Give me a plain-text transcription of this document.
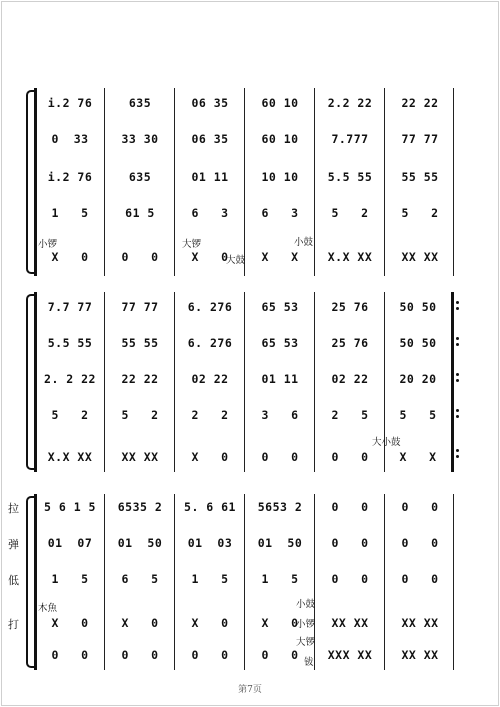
i.2 76	635	06 35	60 10	2.2 22	22 22
0  33	33 30	06 35	60 10	7.777	77 77
i.2 76	635	01 11	10 10	5.5 55	55 55
1   5	61 5	6   3	6   3	5   2	5   2
X   0	0   0	X   0	X   X	X.X XX	XX XX
小锣	大锣
大鼓
小鼓
7.7 77	77 77	6. 276	65 53	25 76	50 50
5.5 55	55 55	6. 276	65 53	25 76	50 50
2. 2 22	22 22	02 22	01 11	02 22	20 20
5   2	5   2	2   2	3   6	2   5	5   5
X.X XX	XX XX	X   0	0   0	0   0	X   X
大小鼓
拉
弹
低
打
5 6 1 5	6535 2	5. 6 61	5653 2	0   0	0   0
01  07	01  50	01  03	01  50	0   0	0   0
1   5	6   5	1   5	1   5	0   0	0   0
X   0	X   0	X   0	X   0	XX XX	XX XX
0   0	0   0	0   0	0   0	XXX XX	XX XX
木魚	小鼓
小锣
大锣
钹
第7页
